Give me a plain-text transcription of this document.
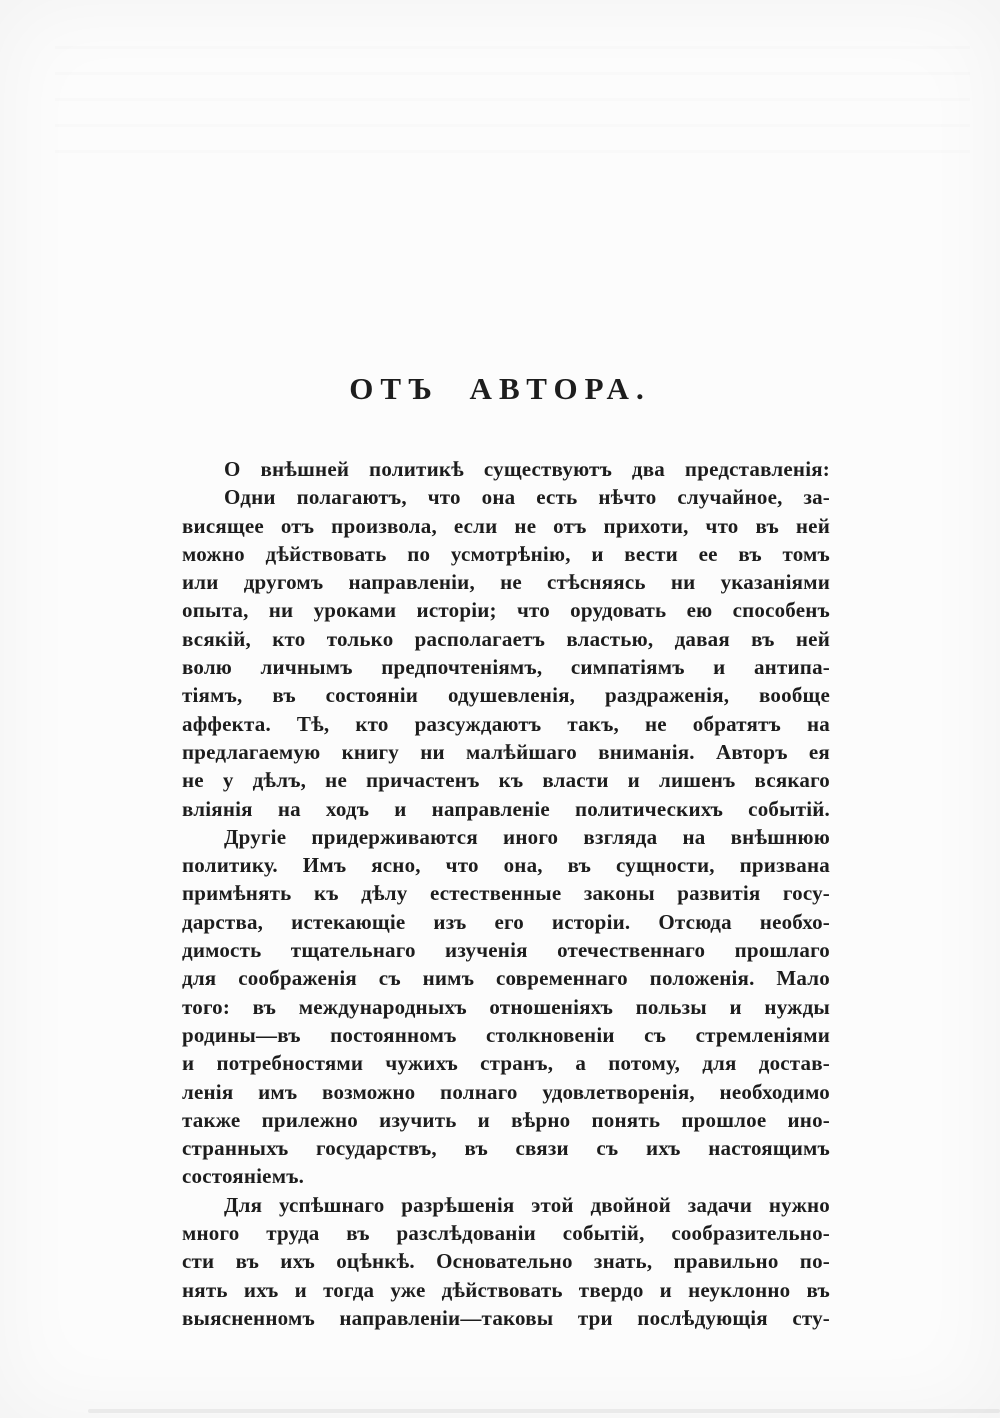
ОТЪ АВТОРА.
О внѣшней политикѣ существуютъ два представленія:
Одни полагаютъ, что она есть нѣчто случайное, за-
висящее отъ произвола, если не отъ прихоти, что въ ней
можно дѣйствовать по усмотрѣнію, и вести ее въ томъ
или другомъ направленіи, не стѣсняясь ни указаніями
опыта, ни уроками исторіи; что орудовать ею способенъ
всякій, кто только располагаетъ властью, давая въ ней
волю личнымъ предпочтеніямъ, симпатіямъ и антипа-
тіямъ, въ состояніи одушевленія, раздраженія, вообще
аффекта. Тѣ, кто разсуждаютъ такъ, не обратятъ на
предлагаемую книгу ни малѣйшаго вниманія. Авторъ ея
не у дѣлъ, не причастенъ къ власти и лишенъ всякаго
вліянія на ходъ и направленіе политическихъ событій.
Другіе придерживаются иного взгляда на внѣшнюю
политику. Имъ ясно, что она, въ сущности, призвана
примѣнять къ дѣлу естественные законы развитія госу-
дарства, истекающіе изъ его исторіи. Отсюда необхо-
димость тщательнаго изученія отечественнаго прошлаго
для соображенія съ нимъ современнаго положенія. Мало
того: въ международныхъ отношеніяхъ пользы и нужды
родины—въ постоянномъ столкновеніи съ стремленіями
и потребностями чужихъ странъ, а потому, для достав-
ленія имъ возможно полнаго удовлетворенія, необходимо
также прилежно изучить и вѣрно понять прошлое ино-
странныхъ государствъ, въ связи съ ихъ настоящимъ
состояніемъ.
Для успѣшнаго разрѣшенія этой двойной задачи нужно
много труда въ разслѣдованіи событій, сообразительно-
сти въ ихъ оцѣнкѣ. Основательно знать, правильно по-
нять ихъ и тогда уже дѣйствовать твердо и неуклонно въ
выясненномъ направленіи—таковы три послѣдующія сту-
